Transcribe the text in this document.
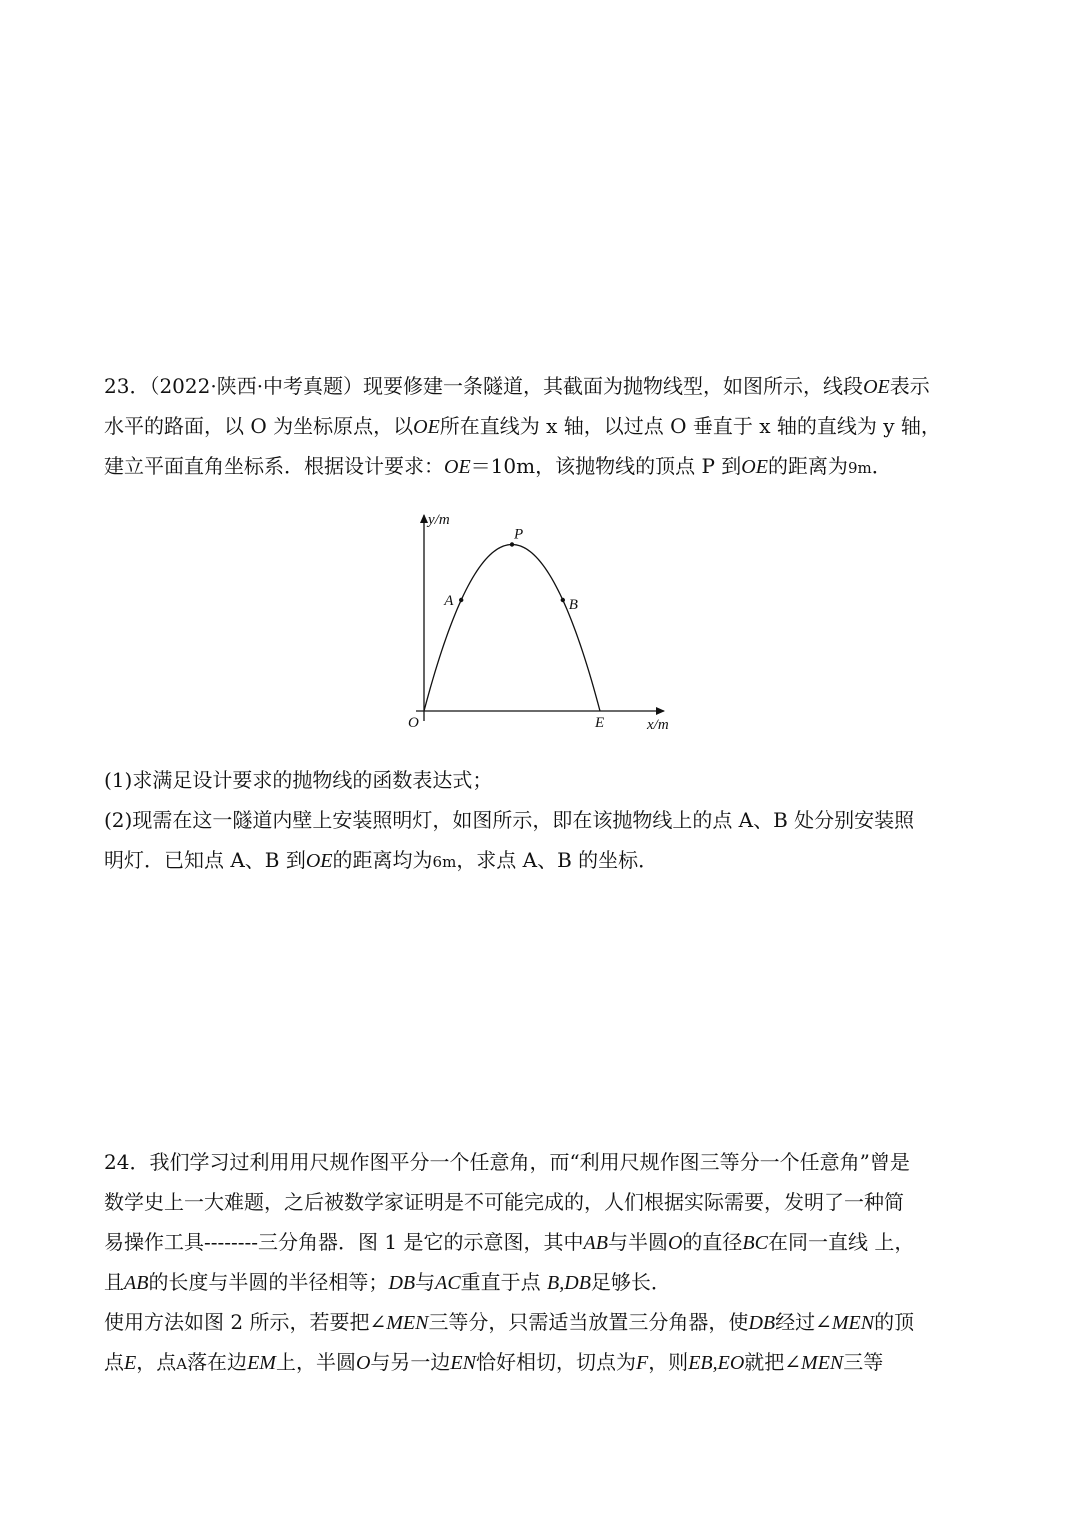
23．（2022·陕西·中考真题）现要修建一条隧道，其截面为抛物线型，如图所示，线段OE表示
水平的路面，以 O 为坐标原点，以OE所在直线为 x 轴，以过点 O 垂直于 x 轴的直线为 y 轴，
建立平面直角坐标系．根据设计要求：OE＝10m，该抛物线的顶点 P 到OE的距离为9m．
y/m
x/m
O	E
P
A	B
(1)求满足设计要求的抛物线的函数表达式；
(2)现需在这一隧道内壁上安装照明灯，如图所示，即在该抛物线上的点 A、B 处分别安装照
明灯．已知点 A、B 到OE的距离均为6m，求点 A、B 的坐标．
24．我们学习过利用用尺规作图平分一个任意角，而“利用尺规作图三等分一个任意角”曾是
数学史上一大难题，之后被数学家证明是不可能完成的，人们根据实际需要，发明了一种简
易操作工具--------三分角器．图 1 是它的示意图，其中AB与半圆O的直径BC在同一直线 上，
且AB的长度与半圆的半径相等；DB与AC重直于点 B,DB足够长．
使用方法如图 2 所示，若要把∠MEN三等分，只需适当放置三分角器，使DB经过∠MEN的顶
点E，点A落在边EM上，半圆O与另一边EN恰好相切，切点为F，则EB,EO就把∠MEN三等
